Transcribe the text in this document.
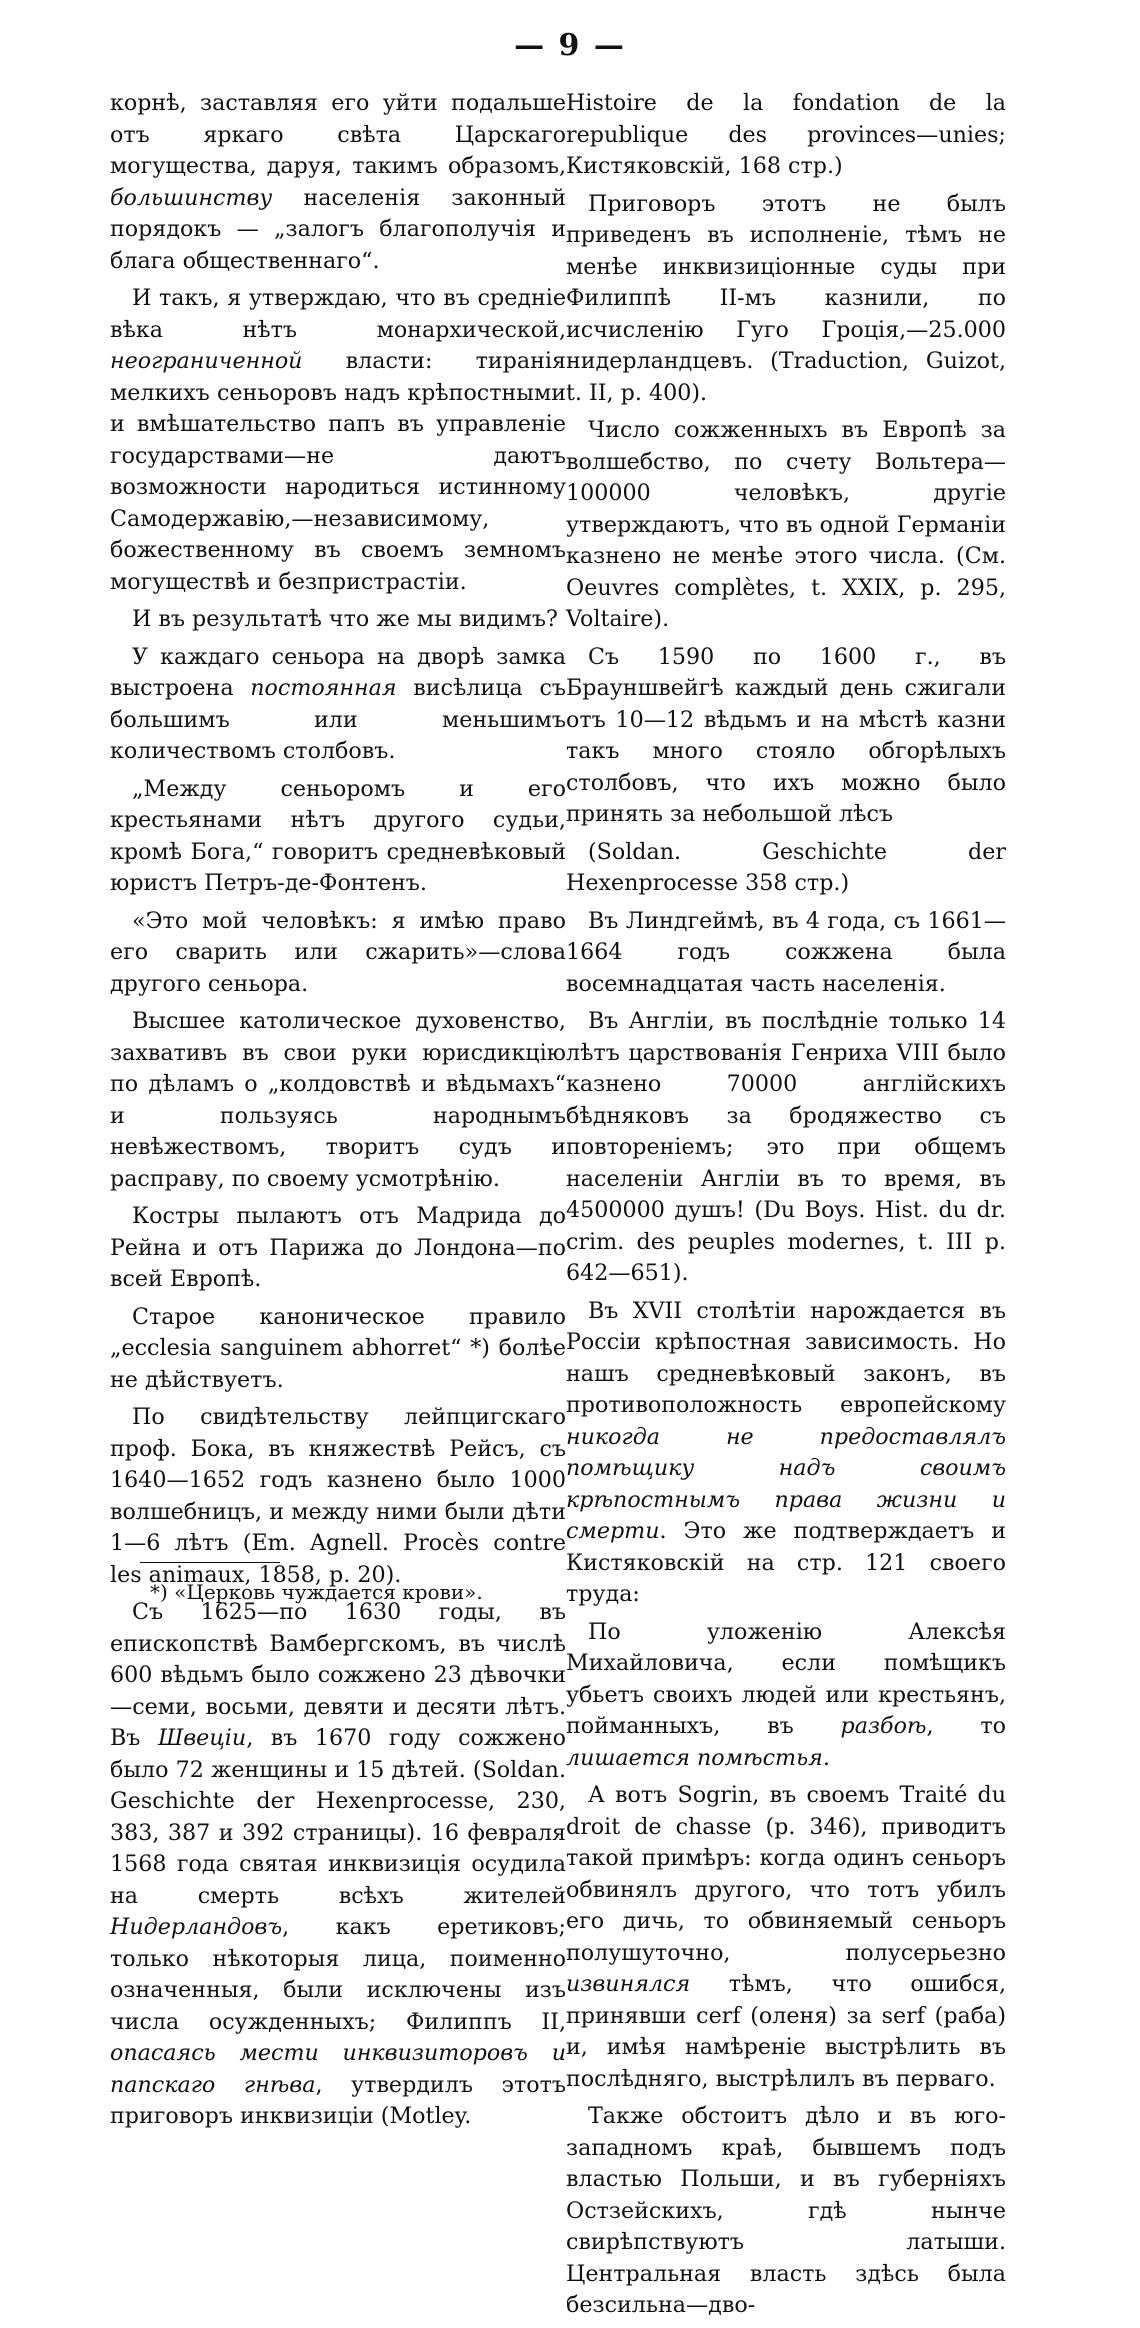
— 9 —

корнѣ, заставляя его уйти подальше отъ яркаго свѣта Царскаго могущества, даруя, такимъ образомъ, большинству населенія законный порядокъ — „залогъ благополучія и блага общественнаго“.

И такъ, я утверждаю, что въ средніе вѣка нѣтъ монархической, неограниченной власти: тиранія мелкихъ сеньоровъ надъ крѣпостными и вмѣшательство папъ въ управленіе государствами—не даютъ возможности народиться истинному Самодержавію,—независимому, божественному въ своемъ земномъ могуществѣ и безпристрастіи.

И въ результатѣ что же мы видимъ?

У каждаго сеньора на дворѣ замка выстроена постоянная висѣлица съ большимъ или меньшимъ количествомъ столбовъ.

„Между сеньоромъ и его крестьянами нѣтъ другого судьи, кромѣ Бога,“ говоритъ средневѣковый юристъ Петръ-де-Фонтенъ.

«Это мой человѣкъ: я имѣю право его сварить или сжарить»—слова другого сеньора.

Высшее католическое духовенство, захвативъ въ свои руки юрисдикцію по дѣламъ о „колдовствѣ и вѣдьмахъ“ и пользуясь народнымъ невѣжествомъ, творитъ судъ и расправу, по своему усмотрѣнію.

Костры пылаютъ отъ Мадрида до Рейна и отъ Парижа до Лондона—по всей Европѣ.

Старое каноническое правило „ecclesia sanguinem abhorret“ *) болѣе не дѣйствуетъ.

По свидѣтельству лейпцигскаго проф. Бока, въ княжествѣ Рейсъ, съ 1640—1652 годъ казнено было 1000 волшебницъ, и между ними были дѣти 1—6 лѣтъ (Em. Agnell. Procès contre les animaux, 1858, p. 20).

Съ 1625—по 1630 годы, въ епископствѣ Вамбергскомъ, въ числѣ 600 вѣдьмъ было сожжено 23 дѣвочки—семи, восьми, девяти и десяти лѣтъ. Въ Швеціи, въ 1670 году сожжено было 72 женщины и 15 дѣтей. (Soldan. Geschichte der Hexenprocesse, 230, 383, 387 и 392 страницы). 16 февраля 1568 года святая инквизиція осудила на смерть всѣхъ жителей Нидерландовъ, какъ еретиковъ; только нѣкоторыя лица, поименно означенныя, были исключены изъ числа осужденныхъ; Филиппъ II, опасаясь мести инквизиторовъ и папскаго гнѣва, утвердилъ этотъ приговоръ инквизиціи (Motley.

Histoire de la fondation de la republique des provinces—unies; Кистяковскій, 168 стр.)

Приговоръ этотъ не былъ приведенъ въ исполненіе, тѣмъ не менѣе инквизиціонные суды при Филиппѣ II-мъ казнили, по исчисленію Гуго Гроція,—25.000 нидерландцевъ. (Traduction, Guizot, t. II, p. 400).

Число сожженныхъ въ Европѣ за волшебство, по счету Вольтера—100000 человѣкъ, другіе утверждаютъ, что въ одной Германіи казнено не менѣе этого числа. (См. Oeuvres complètes, t. XXIX, p. 295, Voltaire).

Съ 1590 по 1600 г., въ Брауншвейгѣ каждый день сжигали отъ 10—12 вѣдьмъ и на мѣстѣ казни такъ много стояло обгорѣлыхъ столбовъ, что ихъ можно было принять за небольшой лѣсъ

(Soldan. Geschichte der Hexenprocesse 358 стр.)

Въ Линдгеймѣ, въ 4 года, съ 1661—1664 годъ сожжена была восемнадцатая часть населенія.

Въ Англіи, въ послѣдніе только 14 лѣтъ царствованія Генриха VIII было казнено 70000 англійскихъ бѣдняковъ за бродяжество съ повтореніемъ; это при общемъ населеніи Англіи въ то время, въ 4500000 душъ! (Du Boys. Hist. du dr. crim. des peuples modernes, t. III p. 642—651).

Въ XVII столѣтіи нарождается въ Россіи крѣпостная зависимость. Но нашъ средневѣковый законъ, въ противоположность европейскому никогда не предоставлялъ помѣщику надъ своимъ крѣпостнымъ права жизни и смерти. Это же подтверждаетъ и Кистяковскій на стр. 121 своего труда:

По уложенію Алексѣя Михайловича, если помѣщикъ убьетъ своихъ людей или крестьянъ, пойманныхъ, въ разбоѣ, то лишается помѣстья.

А вотъ Sogrin, въ своемъ Traité du droit de chasse (p. 346), приводитъ такой примѣръ: когда одинъ сеньоръ обвинялъ другого, что тотъ убилъ его дичь, то обвиняемый сеньоръ полушуточно, полусерьезно извинялся тѣмъ, что ошибся, принявши cerf (оленя) за serf (раба) и, имѣя намѣреніе выстрѣлить въ послѣдняго, выстрѣлилъ въ перваго.

Также обстоитъ дѣло и въ юго-западномъ краѣ, бывшемъ подъ властью Польши, и въ губерніяхъ Остзейскихъ, гдѣ нынче свирѣпствуютъ латыши. Центральная власть здѣсь была безсильна—дво-

*) «Церковь чуждается крови».
